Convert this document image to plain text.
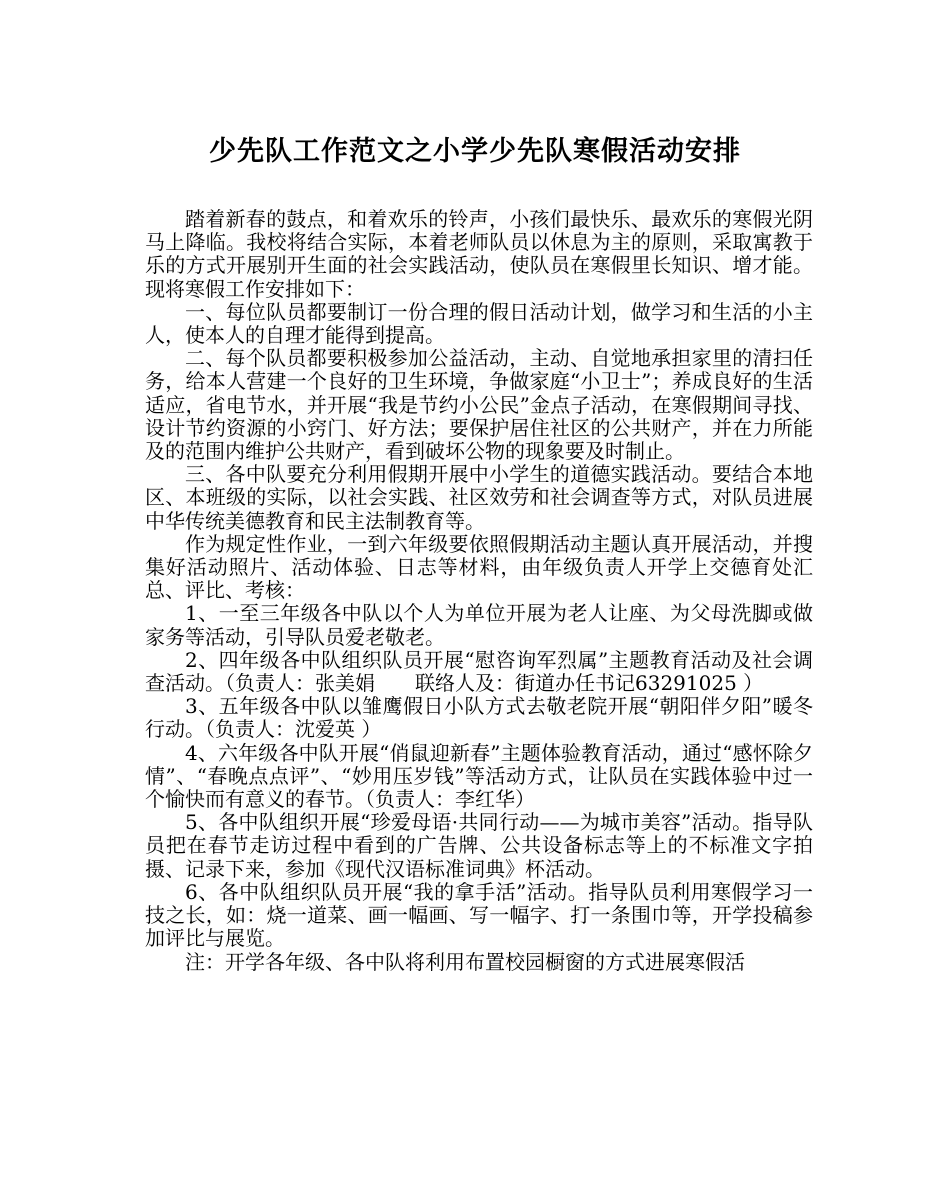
少先队工作范文之小学少先队寒假活动安排

踏着新春的鼓点，和着欢乐的铃声，小孩们最快乐、最欢乐的寒假光阴马上降临。我校将结合实际，本着老师队员以休息为主的原则，采取寓教于乐的方式开展别开生面的社会实践活动，使队员在寒假里长知识、增才能。现将寒假工作安排如下：

一、每位队员都要制订一份合理的假日活动计划，做学习和生活的小主人，使本人的自理才能得到提高。

二、每个队员都要积极参加公益活动，主动、自觉地承担家里的清扫任务，给本人营建一个良好的卫生环境，争做家庭“小卫士”；养成良好的生活适应，省电节水，并开展“我是节约小公民”金点子活动，在寒假期间寻找、设计节约资源的小窍门、好方法；要保护居住社区的公共财产，并在力所能及的范围内维护公共财产，看到破坏公物的现象要及时制止。

三、各中队要充分利用假期开展中小学生的道德实践活动。要结合本地区、本班级的实际，以社会实践、社区效劳和社会调查等方式，对队员进展中华传统美德教育和民主法制教育等。

作为规定性作业，一到六年级要依照假期活动主题认真开展活动，并搜集好活动照片、活动体验、日志等材料，由年级负责人开学上交德育处汇总、评比、考核：

1、一至三年级各中队以个人为单位开展为老人让座、为父母洗脚或做家务等活动，引导队员爱老敬老。

2、四年级各中队组织队员开展“慰咨询军烈属”主题教育活动及社会调查活动。（负责人：张美娟　　联络人及：街道办任书记63291025 ）

3、五年级各中队以雏鹰假日小队方式去敬老院开展“朝阳伴夕阳”暖冬行动。（负责人：沈爱英 ）

4、六年级各中队开展“俏鼠迎新春”主题体验教育活动，通过“感怀除夕情”、“春晚点点评”、“妙用压岁钱”等活动方式，让队员在实践体验中过一个愉快而有意义的春节。（负责人：李红华）

5、各中队组织开展“珍爱母语·共同行动——为城市美容”活动。指导队员把在春节走访过程中看到的广告牌、公共设备标志等上的不标准文字拍摄、记录下来，参加《现代汉语标准词典》杯活动。

6、各中队组织队员开展“我的拿手活”活动。指导队员利用寒假学习一技之长，如：烧一道菜、画一幅画、写一幅字、打一条围巾等，开学投稿参加评比与展览。

注：开学各年级、各中队将利用布置校园橱窗的方式进展寒假活
